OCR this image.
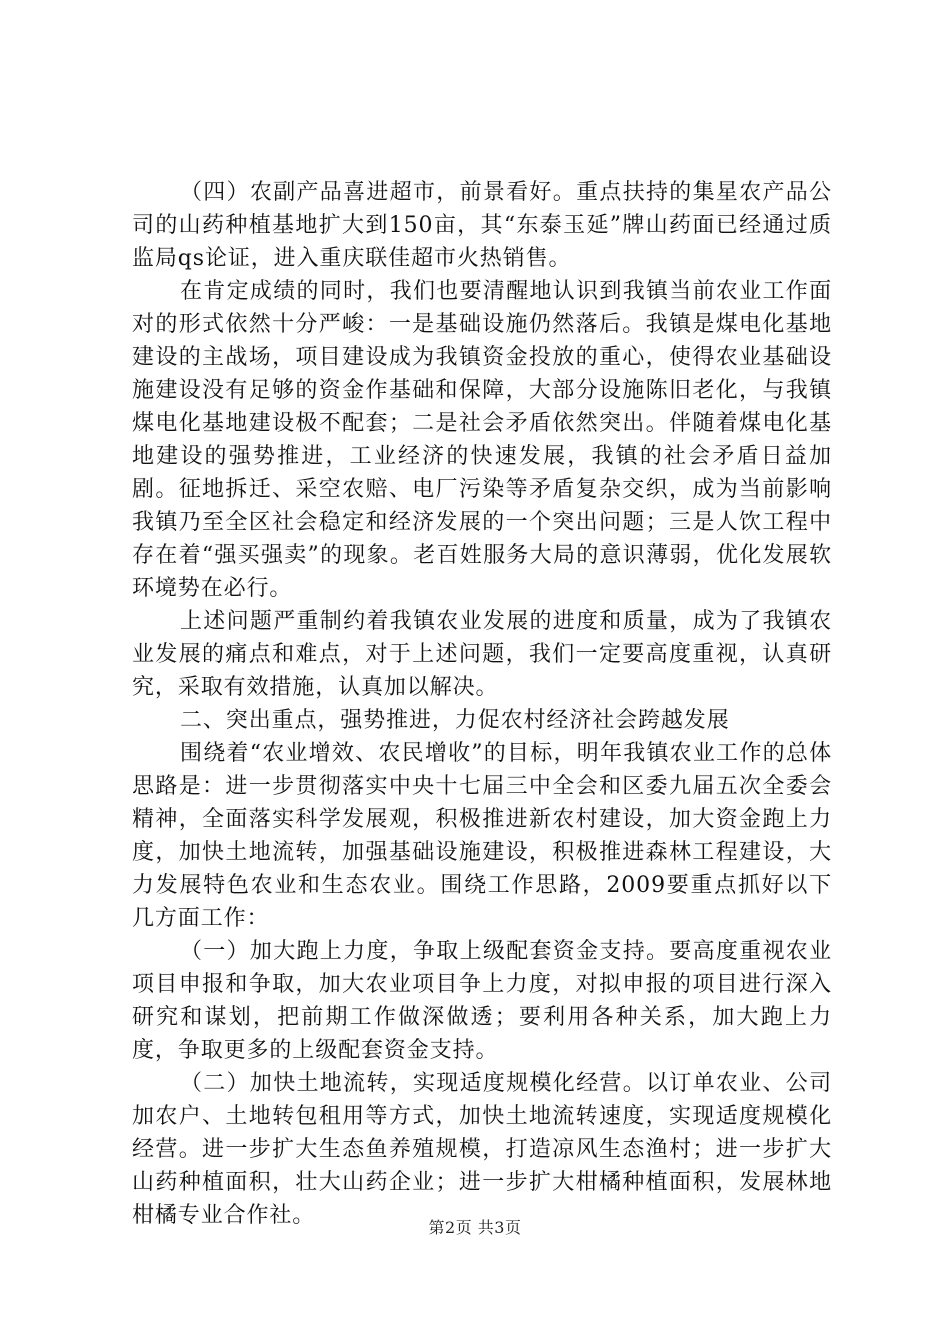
（四）农副产品喜进超市，前景看好。重点扶持的集星农产品公司的山药种植基地扩大到150亩，其“东泰玉延”牌山药面已经通过质监局qs论证，进入重庆联佳超市火热销售。

在肯定成绩的同时，我们也要清醒地认识到我镇当前农业工作面对的形式依然十分严峻：一是基础设施仍然落后。我镇是煤电化基地建设的主战场，项目建设成为我镇资金投放的重心，使得农业基础设施建设没有足够的资金作基础和保障，大部分设施陈旧老化，与我镇煤电化基地建设极不配套；二是社会矛盾依然突出。伴随着煤电化基地建设的强势推进，工业经济的快速发展，我镇的社会矛盾日益加剧。征地拆迁、采空农赔、电厂污染等矛盾复杂交织，成为当前影响我镇乃至全区社会稳定和经济发展的一个突出问题；三是人饮工程中存在着“强买强卖”的现象。老百姓服务大局的意识薄弱，优化发展软环境势在必行。

上述问题严重制约着我镇农业发展的进度和质量，成为了我镇农业发展的痛点和难点，对于上述问题，我们一定要高度重视，认真研究，采取有效措施，认真加以解决。

二、突出重点，强势推进，力促农村经济社会跨越发展

围绕着“农业增效、农民增收”的目标，明年我镇农业工作的总体思路是：进一步贯彻落实中央十七届三中全会和区委九届五次全委会精神，全面落实科学发展观，积极推进新农村建设，加大资金跑上力度，加快土地流转，加强基础设施建设，积极推进森林工程建设，大力发展特色农业和生态农业。围绕工作思路，2009要重点抓好以下几方面工作：

（一）加大跑上力度，争取上级配套资金支持。要高度重视农业项目申报和争取，加大农业项目争上力度，对拟申报的项目进行深入研究和谋划，把前期工作做深做透；要利用各种关系，加大跑上力度，争取更多的上级配套资金支持。

（二）加快土地流转，实现适度规模化经营。以订单农业、公司加农户、土地转包租用等方式，加快土地流转速度，实现适度规模化经营。进一步扩大生态鱼养殖规模，打造凉风生态渔村；进一步扩大山药种植面积，壮大山药企业；进一步扩大柑橘种植面积，发展林地柑橘专业合作社。	第2页 共3页
